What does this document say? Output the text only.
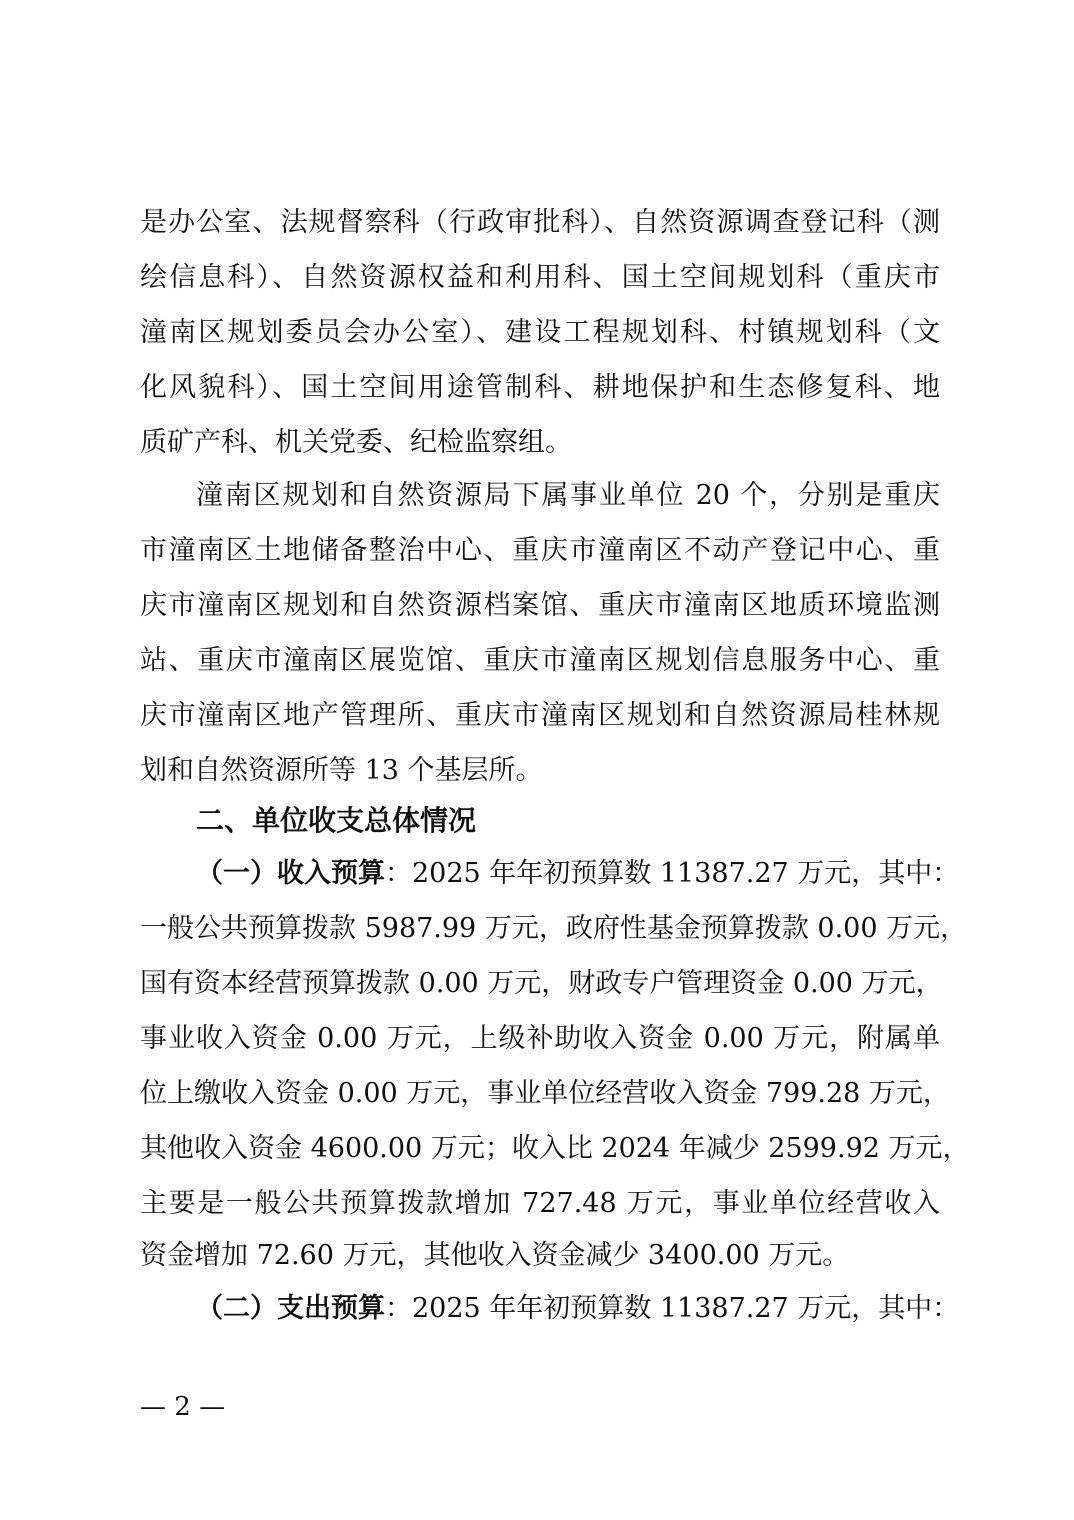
是办公室、法规督察科（行政审批科）、自然资源调查登记科（测
绘信息科）、自然资源权益和利用科、国土空间规划科（重庆市
潼南区规划委员会办公室）、建设工程规划科、村镇规划科（文
化风貌科）、国土空间用途管制科、耕地保护和生态修复科、地
质矿产科、机关党委、纪检监察组。
潼南区规划和自然资源局下属事业单位 20 个，分别是重庆
市潼南区土地储备整治中心、重庆市潼南区不动产登记中心、重
庆市潼南区规划和自然资源档案馆、重庆市潼南区地质环境监测
站、重庆市潼南区展览馆、重庆市潼南区规划信息服务中心、重
庆市潼南区地产管理所、重庆市潼南区规划和自然资源局桂林规
划和自然资源所等 13 个基层所。
二、单位收支总体情况
（一）收入预算：2025 年年初预算数 11387.27 万元，其中：
一般公共预算拨款 5987.99 万元，政府性基金预算拨款 0.00 万元，
国有资本经营预算拨款 0.00 万元，财政专户管理资金 0.00 万元，
事业收入资金 0.00 万元，上级补助收入资金 0.00 万元，附属单
位上缴收入资金 0.00 万元，事业单位经营收入资金 799.28 万元，
其他收入资金 4600.00 万元；收入比 2024 年减少 2599.92 万元，
主要是一般公共预算拨款增加 727.48 万元，事业单位经营收入
资金增加 72.60 万元，其他收入资金减少 3400.00 万元。
（二）支出预算：2025 年年初预算数 11387.27 万元，其中：
— 2 —
